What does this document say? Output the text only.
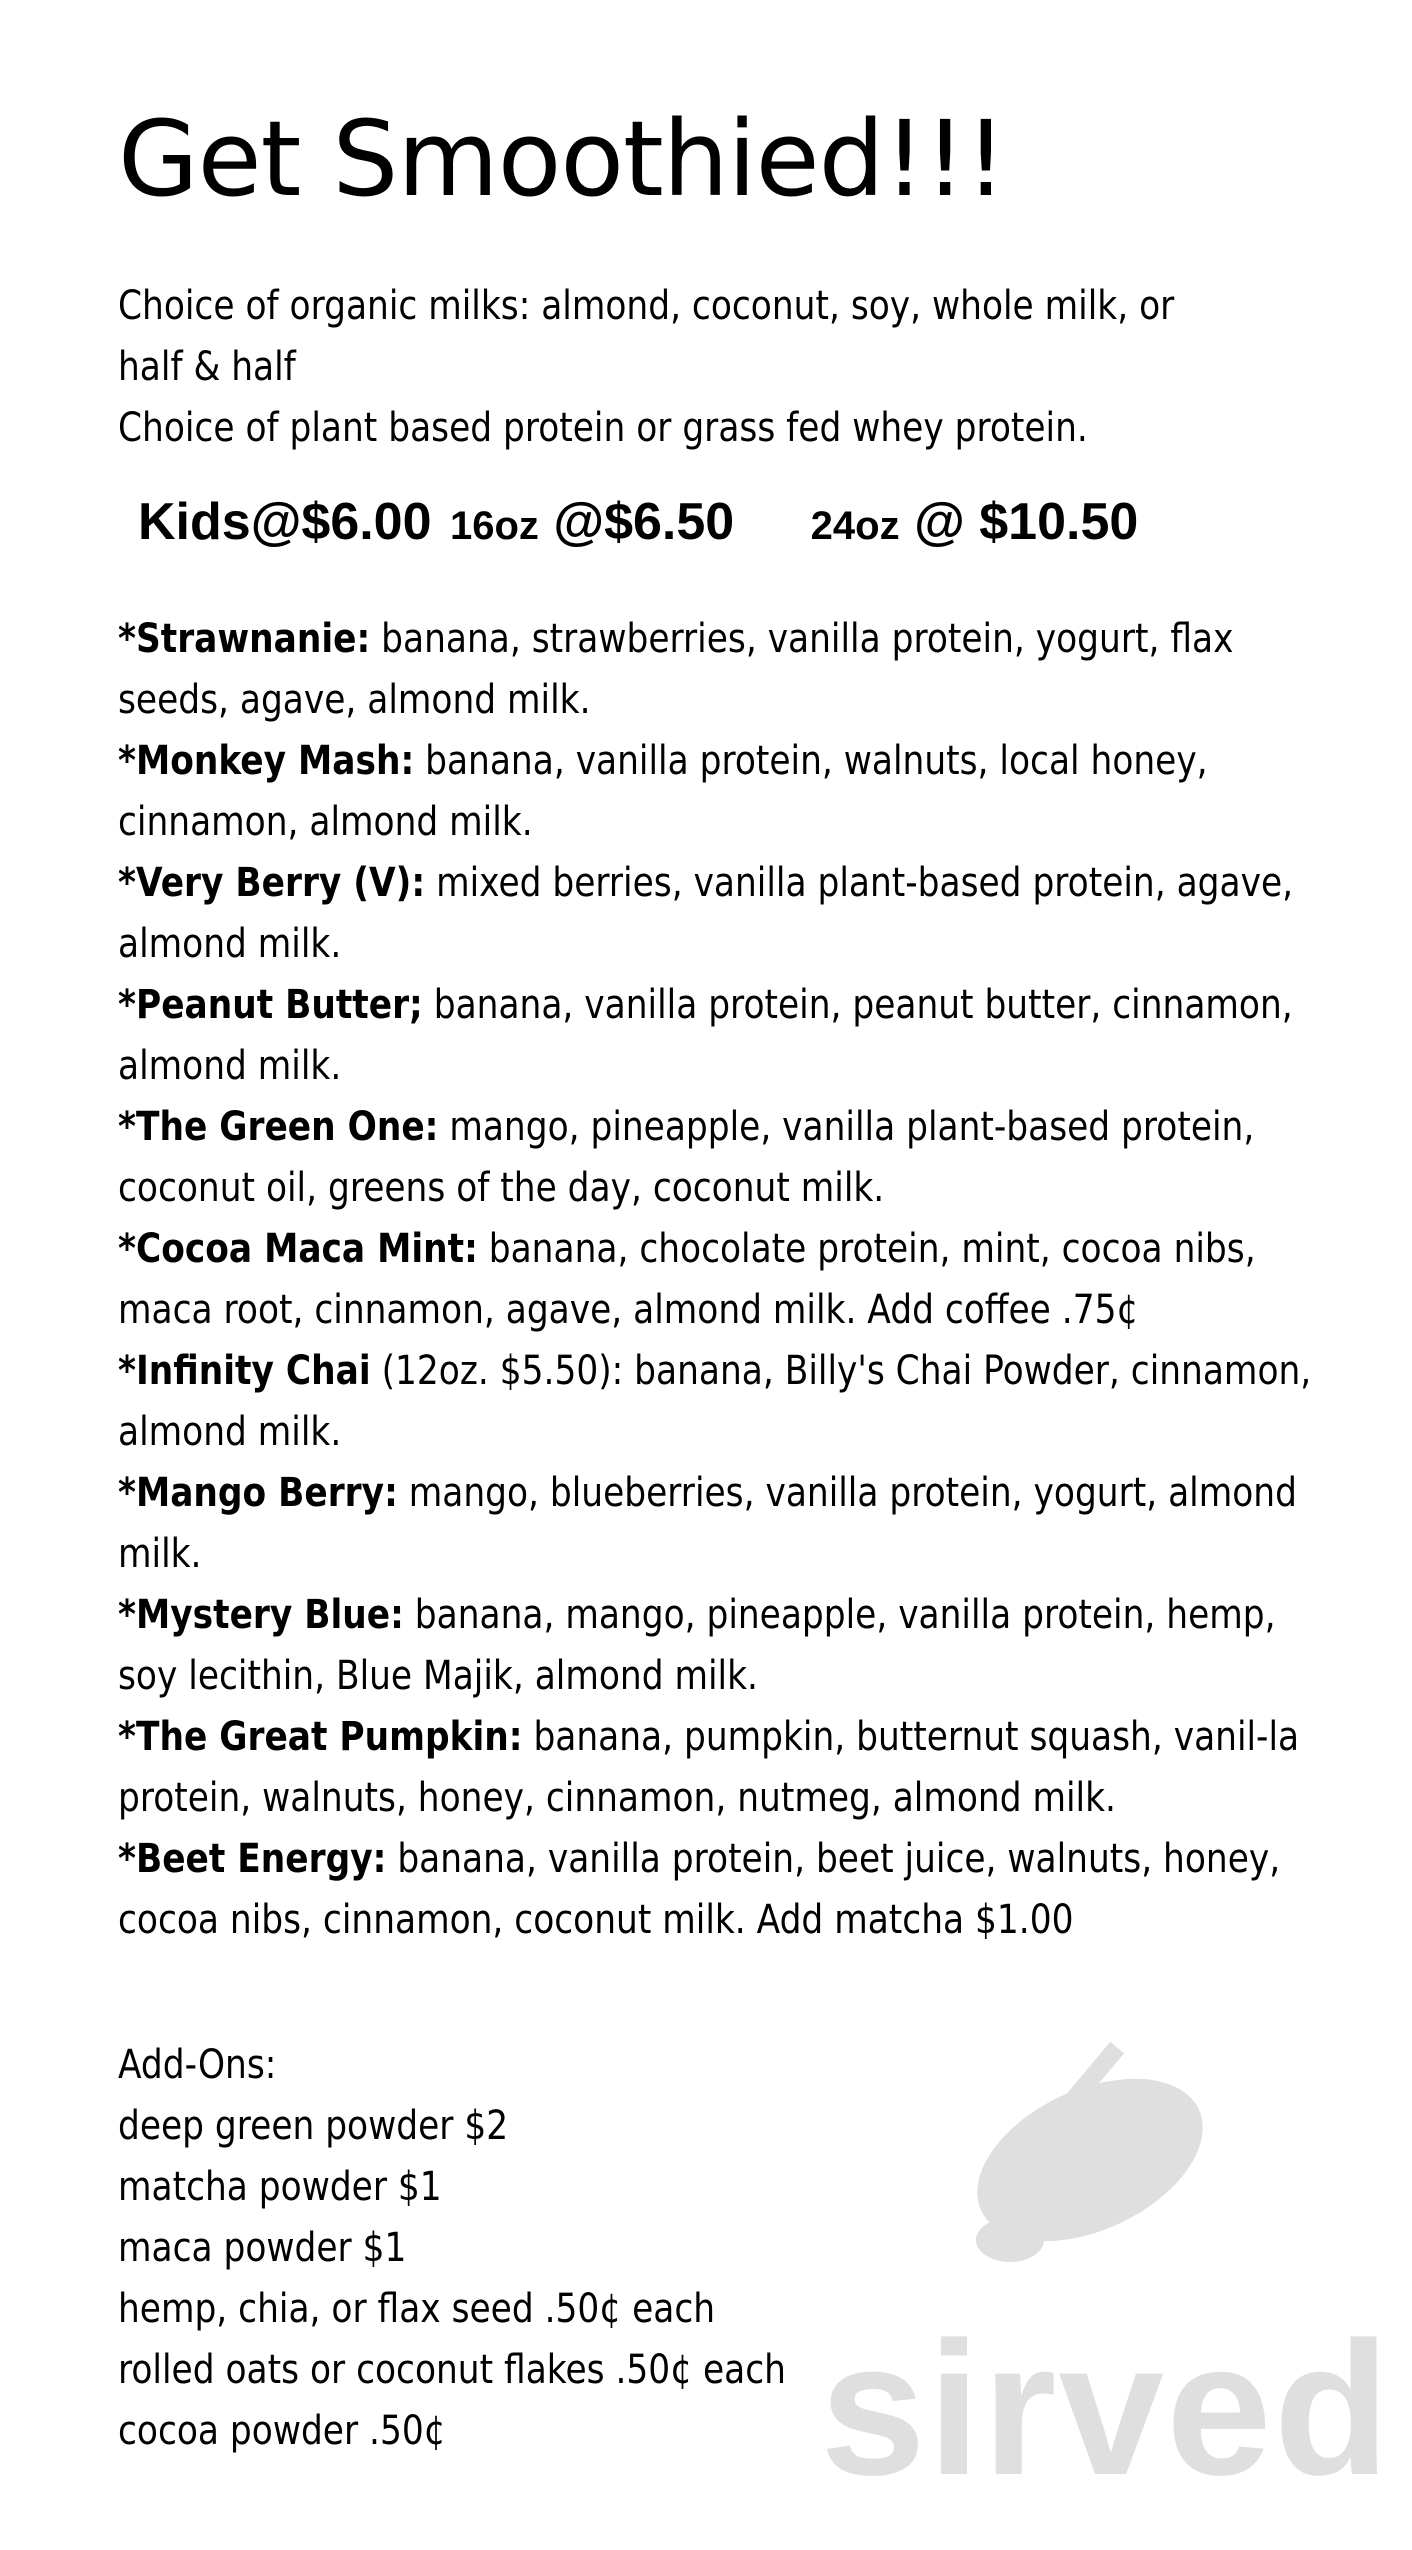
Get Smoothied!!!
Choice of organic milks: almond, coconut, soy, whole milk, or
half & half
Choice of plant based protein or grass fed whey protein.
Kids@$6.00 16oz @$6.50 24oz @ $10.50

*Strawnanie: banana, strawberries, vanilla protein, yogurt, flax seeds, agave, almond milk.

*Monkey Mash: banana, vanilla protein, walnuts, local honey, cinnamon, almond milk.

*Very Berry (V): mixed berries, vanilla plant-based protein, agave, almond milk.

*Peanut Butter; banana, vanilla protein, peanut butter, cinnamon, almond milk.

*The Green One: mango, pineapple, vanilla plant-based protein, coconut oil, greens of the day, coconut milk.

*Cocoa Maca Mint: banana, chocolate protein, mint, cocoa nibs, maca root, cinnamon, agave, almond milk. Add coffee .75¢

*Infinity Chai (12oz. $5.50): banana, Billy's Chai Powder, cinnamon, almond milk.

*Mango Berry: mango, blueberries, vanilla protein, yogurt, almond milk.

*Mystery Blue: banana, mango, pineapple, vanilla protein, hemp, soy lecithin, Blue Majik, almond milk.

*The Great Pumpkin: banana, pumpkin, butternut squash, vanil-la protein, walnuts, honey, cinnamon, nutmeg, almond milk.

*Beet Energy: banana, vanilla protein, beet juice, walnuts, honey, cocoa nibs, cinnamon, coconut milk. Add matcha $1.00

sirved
Add-Ons:
deep green powder $2
matcha powder $1
maca powder $1
hemp, chia, or flax seed .50¢ each
rolled oats or coconut flakes .50¢ each
cocoa powder .50¢
